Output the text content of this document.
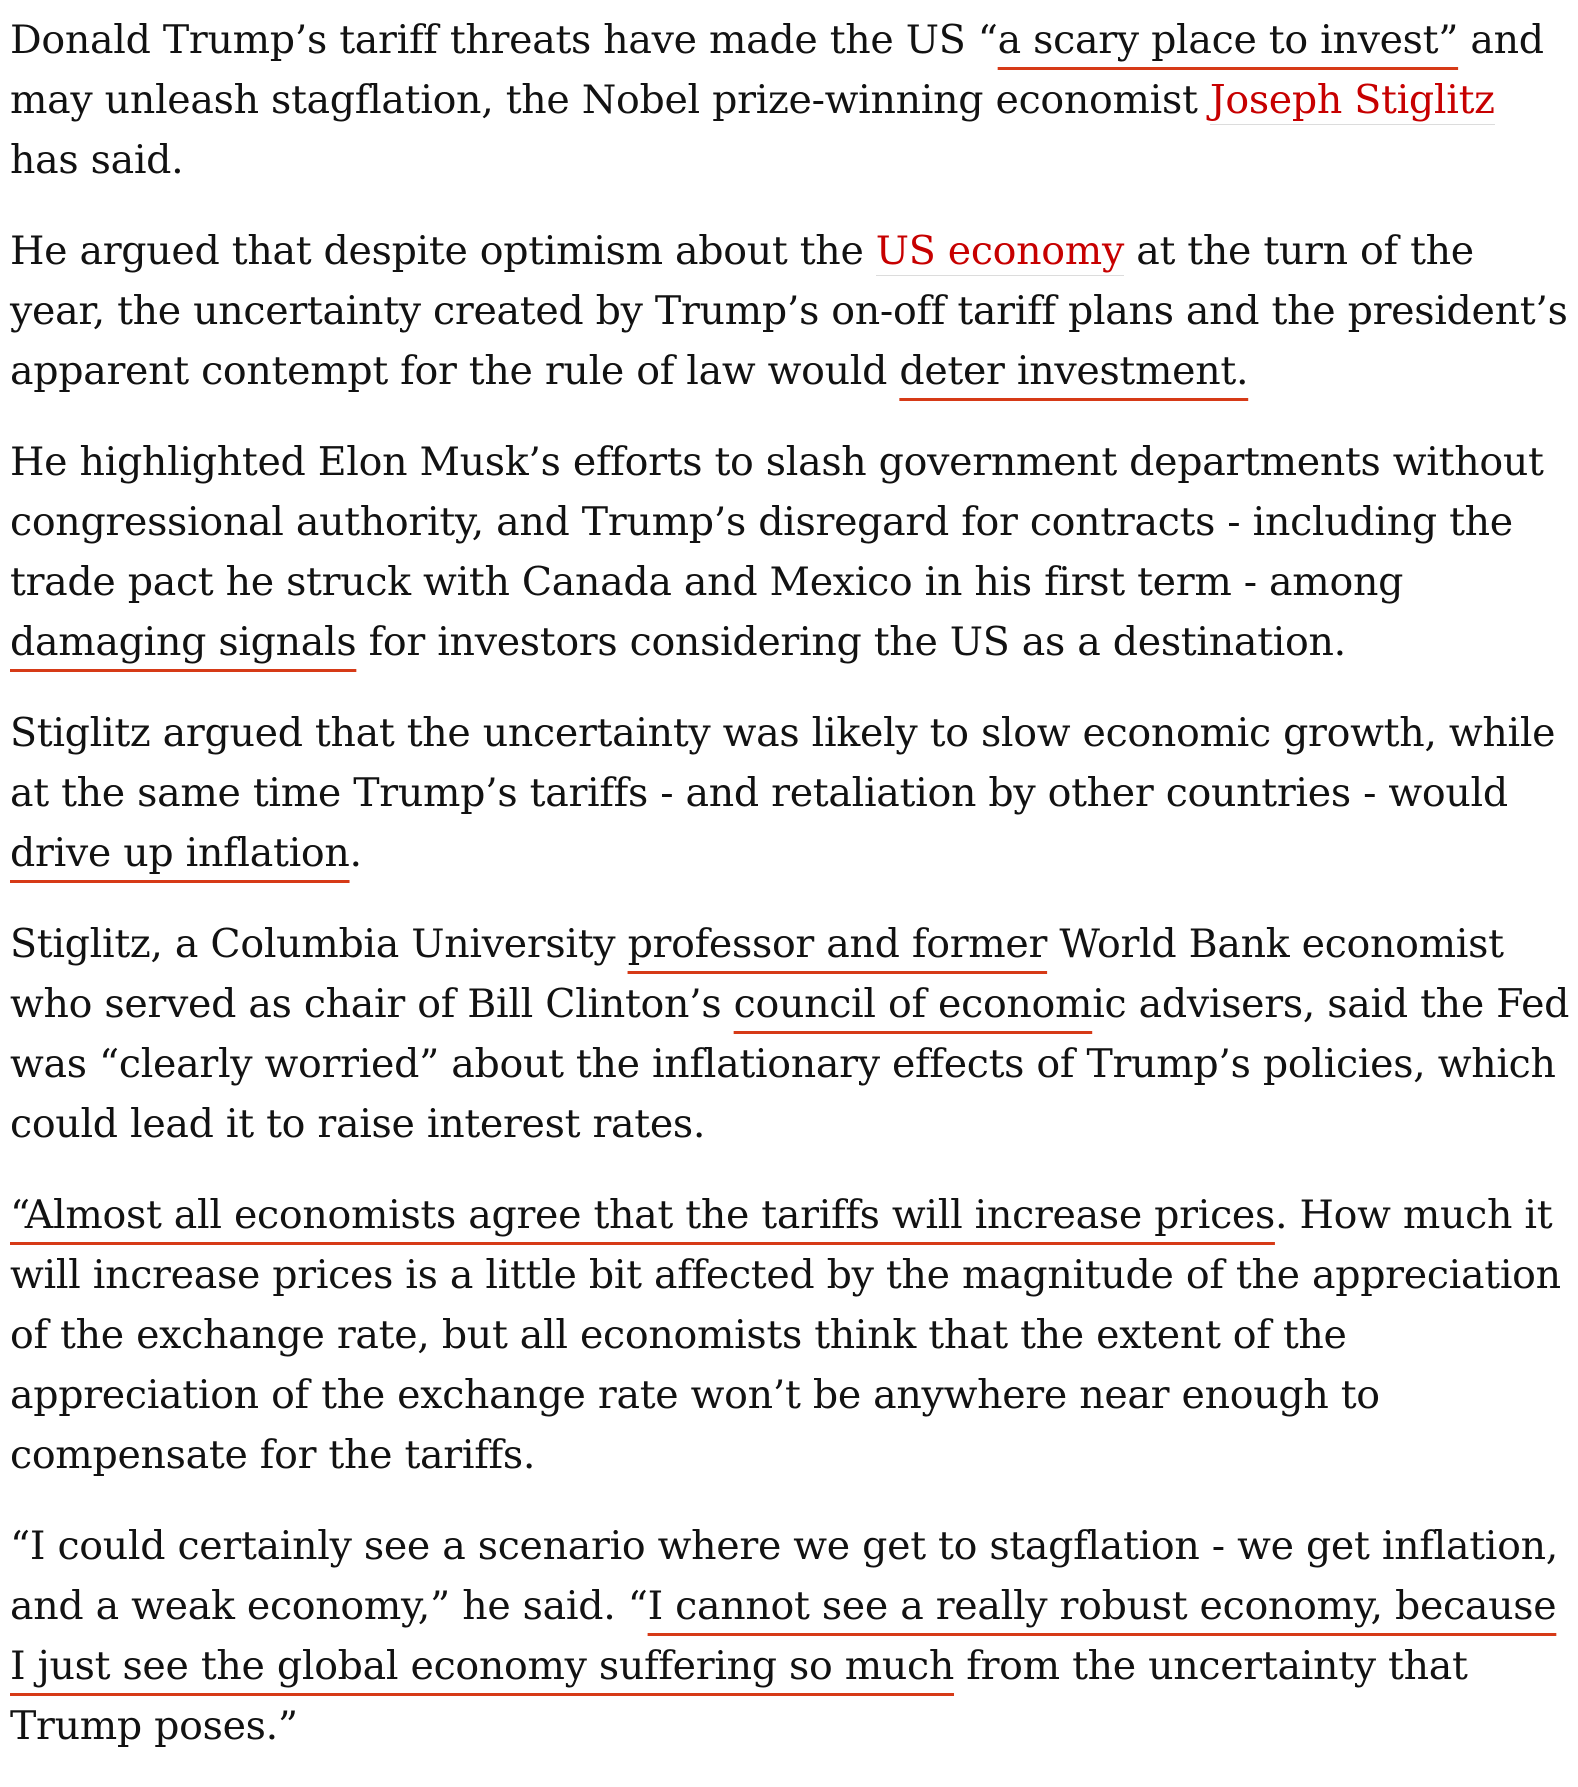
Donald Trump’s tariff threats have made the US “a scary place to invest” and may unleash stagflation, the Nobel prize-winning economist Joseph Stiglitz has said.

He argued that despite optimism about the US economy at the turn of the year, the uncertainty created by Trump’s on-off tariff plans and the president’s apparent contempt for the rule of law would deter investment.

He highlighted Elon Musk’s efforts to slash government departments without congressional authority, and Trump’s disregard for contracts - including the trade pact he struck with Canada and Mexico in his first term - among damaging signals for investors considering the US as a destination.

Stiglitz argued that the uncertainty was likely to slow economic growth, while at the same time Trump’s tariffs - and retaliation by other countries - would drive up inflation.

Stiglitz, a Columbia University professor and former World Bank economist who served as chair of Bill Clinton’s council of economic advisers, said the Fed was “clearly worried” about the inflationary effects of Trump’s policies, which could lead it to raise interest rates.

“Almost all economists agree that the tariffs will increase prices. How much it will increase prices is a little bit affected by the magnitude of the appreciation of the exchange rate, but all economists think that the extent of the appreciation of the exchange rate won’t be anywhere near enough to compensate for the tariffs.

“I could certainly see a scenario where we get to stagflation - we get inflation, and a weak economy,” he said. “I cannot see a really robust economy, because I just see the global economy suffering so much from the uncertainty that Trump poses.”
